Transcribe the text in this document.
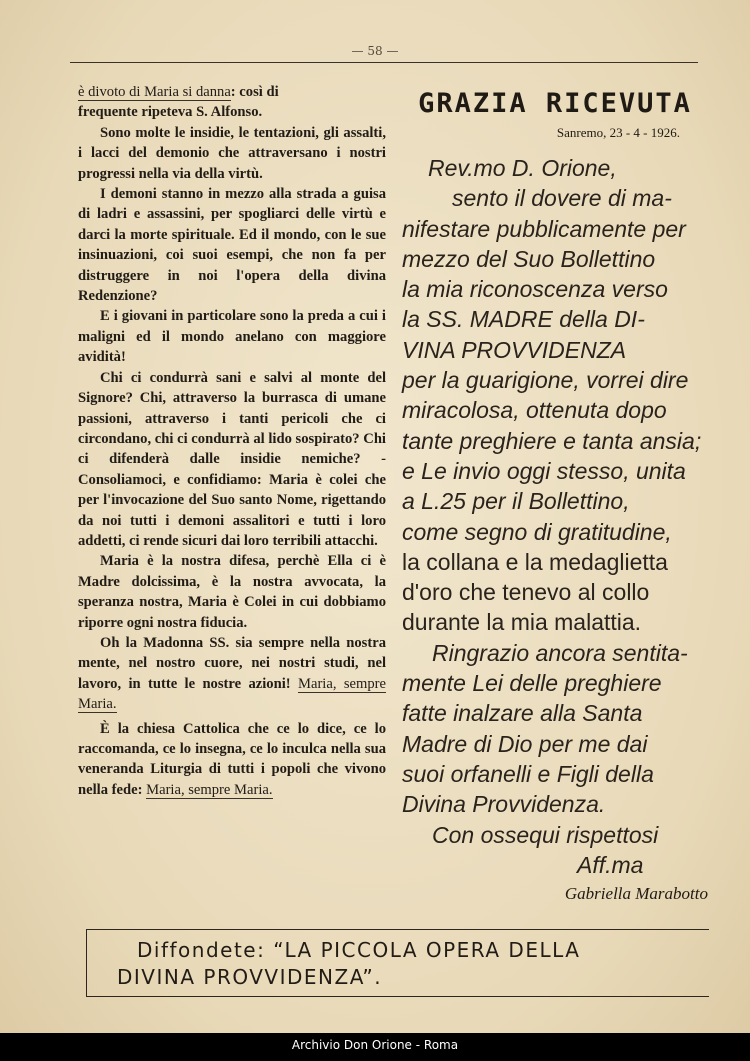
— 58 —

è divoto di Maria si danna: così di

frequente ripeteva S. Alfonso.

Sono molte le insidie, le tentazioni, gli assalti, i lacci del demonio che attraversano i nostri progressi nella via della virtù.

I demoni stanno in mezzo alla strada a guisa di ladri e assassini, per spogliarci delle virtù e darci la morte spirituale. Ed il mondo, con le sue insinuazioni, coi suoi esempi, che non fa per distruggere in noi l'opera della divina Redenzione?

E i giovani in particolare sono la preda a cui i maligni ed il mondo anelano con maggiore avidità!

Chi ci condurrà sani e salvi al monte del Signore? Chi, attraverso la burrasca di umane passioni, attraverso i tanti pericoli che ci circondano, chi ci condurrà al lido sospirato? Chi ci difenderà dalle insidie nemiche? - Consoliamoci, e confidiamo: Maria è colei che per l'invocazione del Suo santo Nome, rigettando da noi tutti i demoni assalitori e tutti i loro addetti, ci rende sicuri dai loro terribili attacchi.

Maria è la nostra difesa, perchè Ella ci è Madre dolcissima, è la nostra avvocata, la speranza nostra, Maria è Colei in cui dobbiamo riporre ogni nostra fiducia.

Oh la Madonna SS. sia sempre nella nostra mente, nel nostro cuore, nei nostri studi, nel lavoro, in tutte le nostre azioni! Maria, sempre Maria.

È la chiesa Cattolica che ce lo dice, ce lo raccomanda, ce lo insegna, ce lo inculca nella sua veneranda Liturgia di tutti i popoli che vivono nella fede: Maria, sempre Maria.

GRAZIA RICEVUTA
Sanremo, 23 - 4 - 1926.
Rev.mo D. Orione,
sento il dovere di ma-
nifestare pubblicamente per
mezzo del Suo Bollettino
la mia riconoscenza verso
la SS. MADRE della DI-
VINA PROVVIDENZA
per la guarigione, vorrei dire
miracolosa, ottenuta dopo
tante preghiere e tanta ansia;
e Le invio oggi stesso, unita
a L.25 per il Bollettino,
come segno di gratitudine,
la collana e la medaglietta
d'oro che tenevo al collo
durante la mia malattia.
Ringrazio ancora sentita-
mente Lei delle preghiere
fatte inalzare alla Santa
Madre di Dio per me dai
suoi orfanelli e Figli della
Divina Provvidenza.
Con ossequi rispettosi
Aff.ma
Gabriella Marabotto
Diffondete: “LA PICCOLA OPERA DELLA
DIVINA PROVVIDENZA”.
Archivio Don Orione - Roma
